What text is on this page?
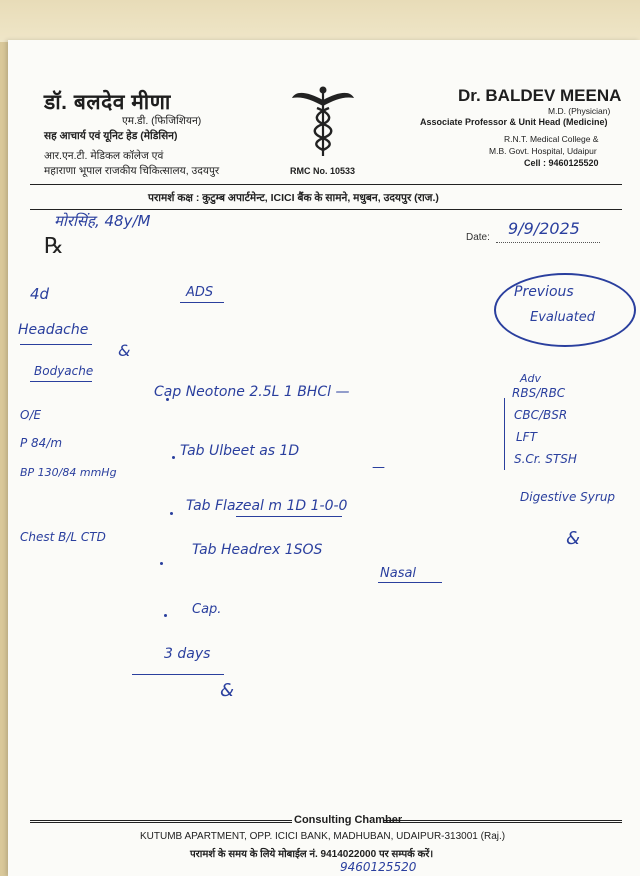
डॉ. बलदेव मीणा
एम.डी. (फिजिशियन)
सह आचार्य एवं यूनिट हेड (मेडिसिन)
आर.एन.टी. मेडिकल कॉलेज एवं
महाराणा भूपाल राजकीय चिकित्सालय, उदयपुर	RMC No. 10533
Dr. BALDEV MEENA
M.D. (Physician)
Associate Professor & Unit Head (Medicine)
R.N.T. Medical College &
M.B. Govt. Hospital, Udaipur
Cell : 9460125520
परामर्श कक्ष : कुटुम्ब अपार्टमेन्ट, ICICI बैंक के सामने, मधुबन, उदयपुर (राज.)
मोरसिंह, 48y/M
Date: 9/9/2025
℞
4d
Headache
Bodyache
&
O/E
P 84/m
BP 130/84 mmHg
Chest B/L CTD
ADS	Previous
Evaluated
Cap Neotone 2.5L 1 BHCl —
Tab Ulbeet as 1D
—
Tab Flazeal m 1D 1-0-0
Tab Headrex 1SOS
Nasal
Cap.
3 days
&
Adv
RBS/RBC
CBC/BSR
LFT
S.Cr. STSH
Digestive Syrup
&
Consulting Chamber
KUTUMB APARTMENT, OPP. ICICI BANK, MADHUBAN, UDAIPUR-313001 (Raj.)
परामर्श के समय के लिये मोबाईल नं. 9414022000 पर सम्पर्क करें।
9460125520
